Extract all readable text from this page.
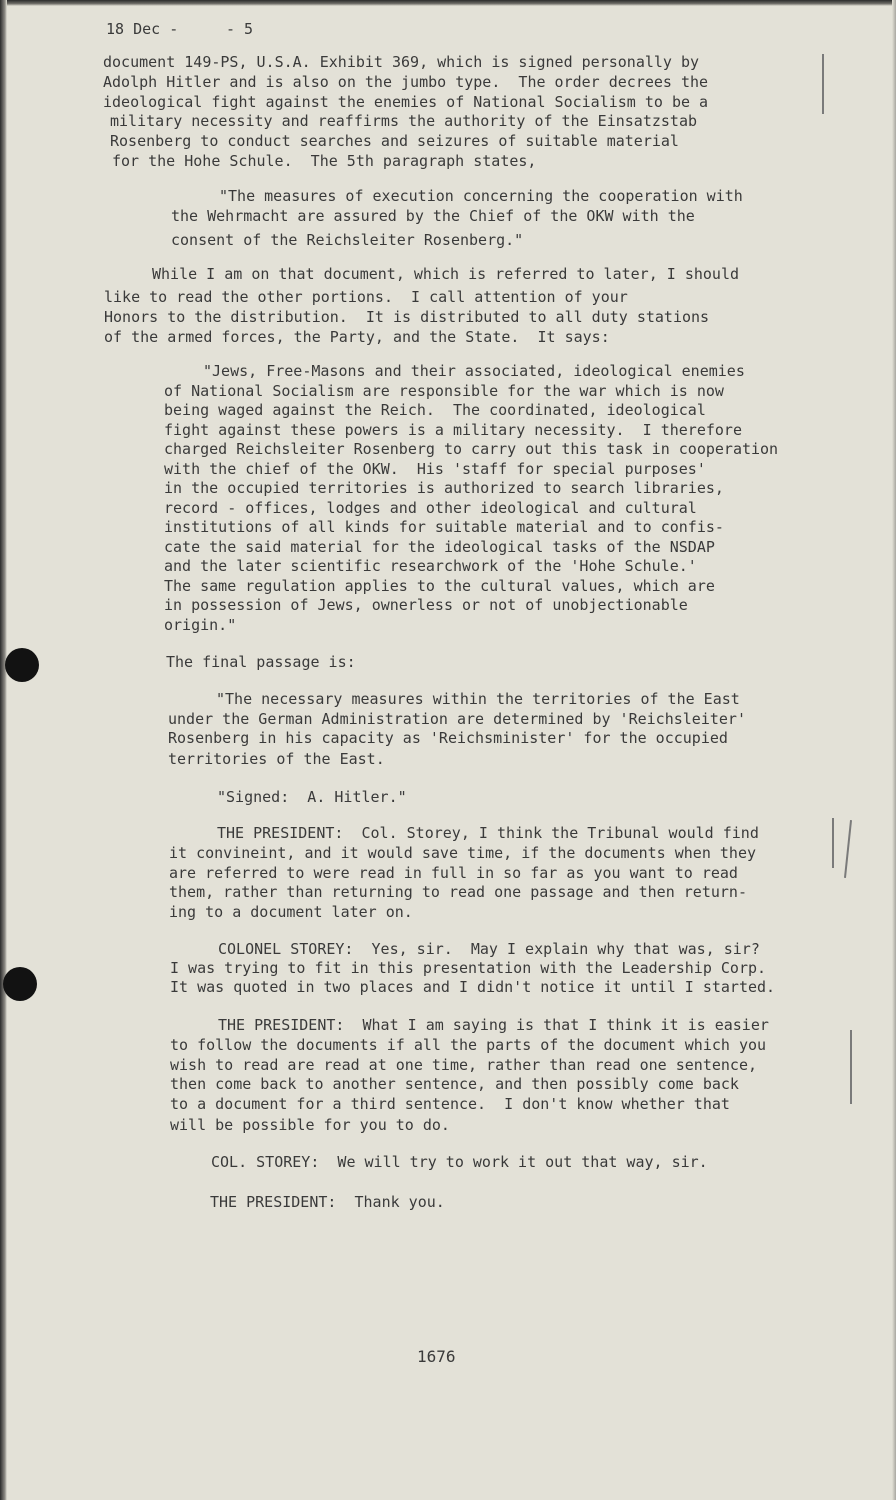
18 Dec -	- 5
document 149-PS, U.S.A. Exhibit 369, which is signed personally by
Adolph Hitler and is also on the jumbo type.  The order decrees the
ideological fight against the enemies of National Socialism to be a
military necessity and reaffirms the authority of the Einsatzstab
Rosenberg to conduct searches and seizures of suitable material
for the Hohe Schule.  The 5th paragraph states,
"The measures of execution concerning the cooperation with
the Wehrmacht are assured by the Chief of the OKW with the
consent of the Reichsleiter Rosenberg."
While I am on that document, which is referred to later, I should
like to read the other portions.  I call attention of your
Honors to the distribution.  It is distributed to all duty stations
of the armed forces, the Party, and the State.  It says:
"Jews, Free-Masons and their associated, ideological enemies
of National Socialism are responsible for the war which is now
being waged against the Reich.  The coordinated, ideological
fight against these powers is a military necessity.  I therefore
charged Reichsleiter Rosenberg to carry out this task in cooperation
with the chief of the OKW.  His 'staff for special purposes'
in the occupied territories is authorized to search libraries,
record - offices, lodges and other ideological and cultural
institutions of all kinds for suitable material and to confis-
cate the said material for the ideological tasks of the NSDAP
and the later scientific researchwork of the 'Hohe Schule.'
The same regulation applies to the cultural values, which are
in possession of Jews, ownerless or not of unobjectionable
origin."
The final passage is:
"The necessary measures within the territories of the East
under the German Administration are determined by 'Reichsleiter'
Rosenberg in his capacity as 'Reichsminister' for the occupied
territories of the East.
"Signed:  A. Hitler."
THE PRESIDENT:  Col. Storey, I think the Tribunal would find
it convineint, and it would save time, if the documents when they
are referred to were read in full in so far as you want to read
them, rather than returning to read one passage and then return-
ing to a document later on.
COLONEL STOREY:  Yes, sir.  May I explain why that was, sir?
I was trying to fit in this presentation with the Leadership Corp.
It was quoted in two places and I didn't notice it until I started.
THE PRESIDENT:  What I am saying is that I think it is easier
to follow the documents if all the parts of the document which you
wish to read are read at one time, rather than read one sentence,
then come back to another sentence, and then possibly come back
to a document for a third sentence.  I don't know whether that
will be possible for you to do.
COL. STOREY:  We will try to work it out that way, sir.
THE PRESIDENT:  Thank you.
1676
